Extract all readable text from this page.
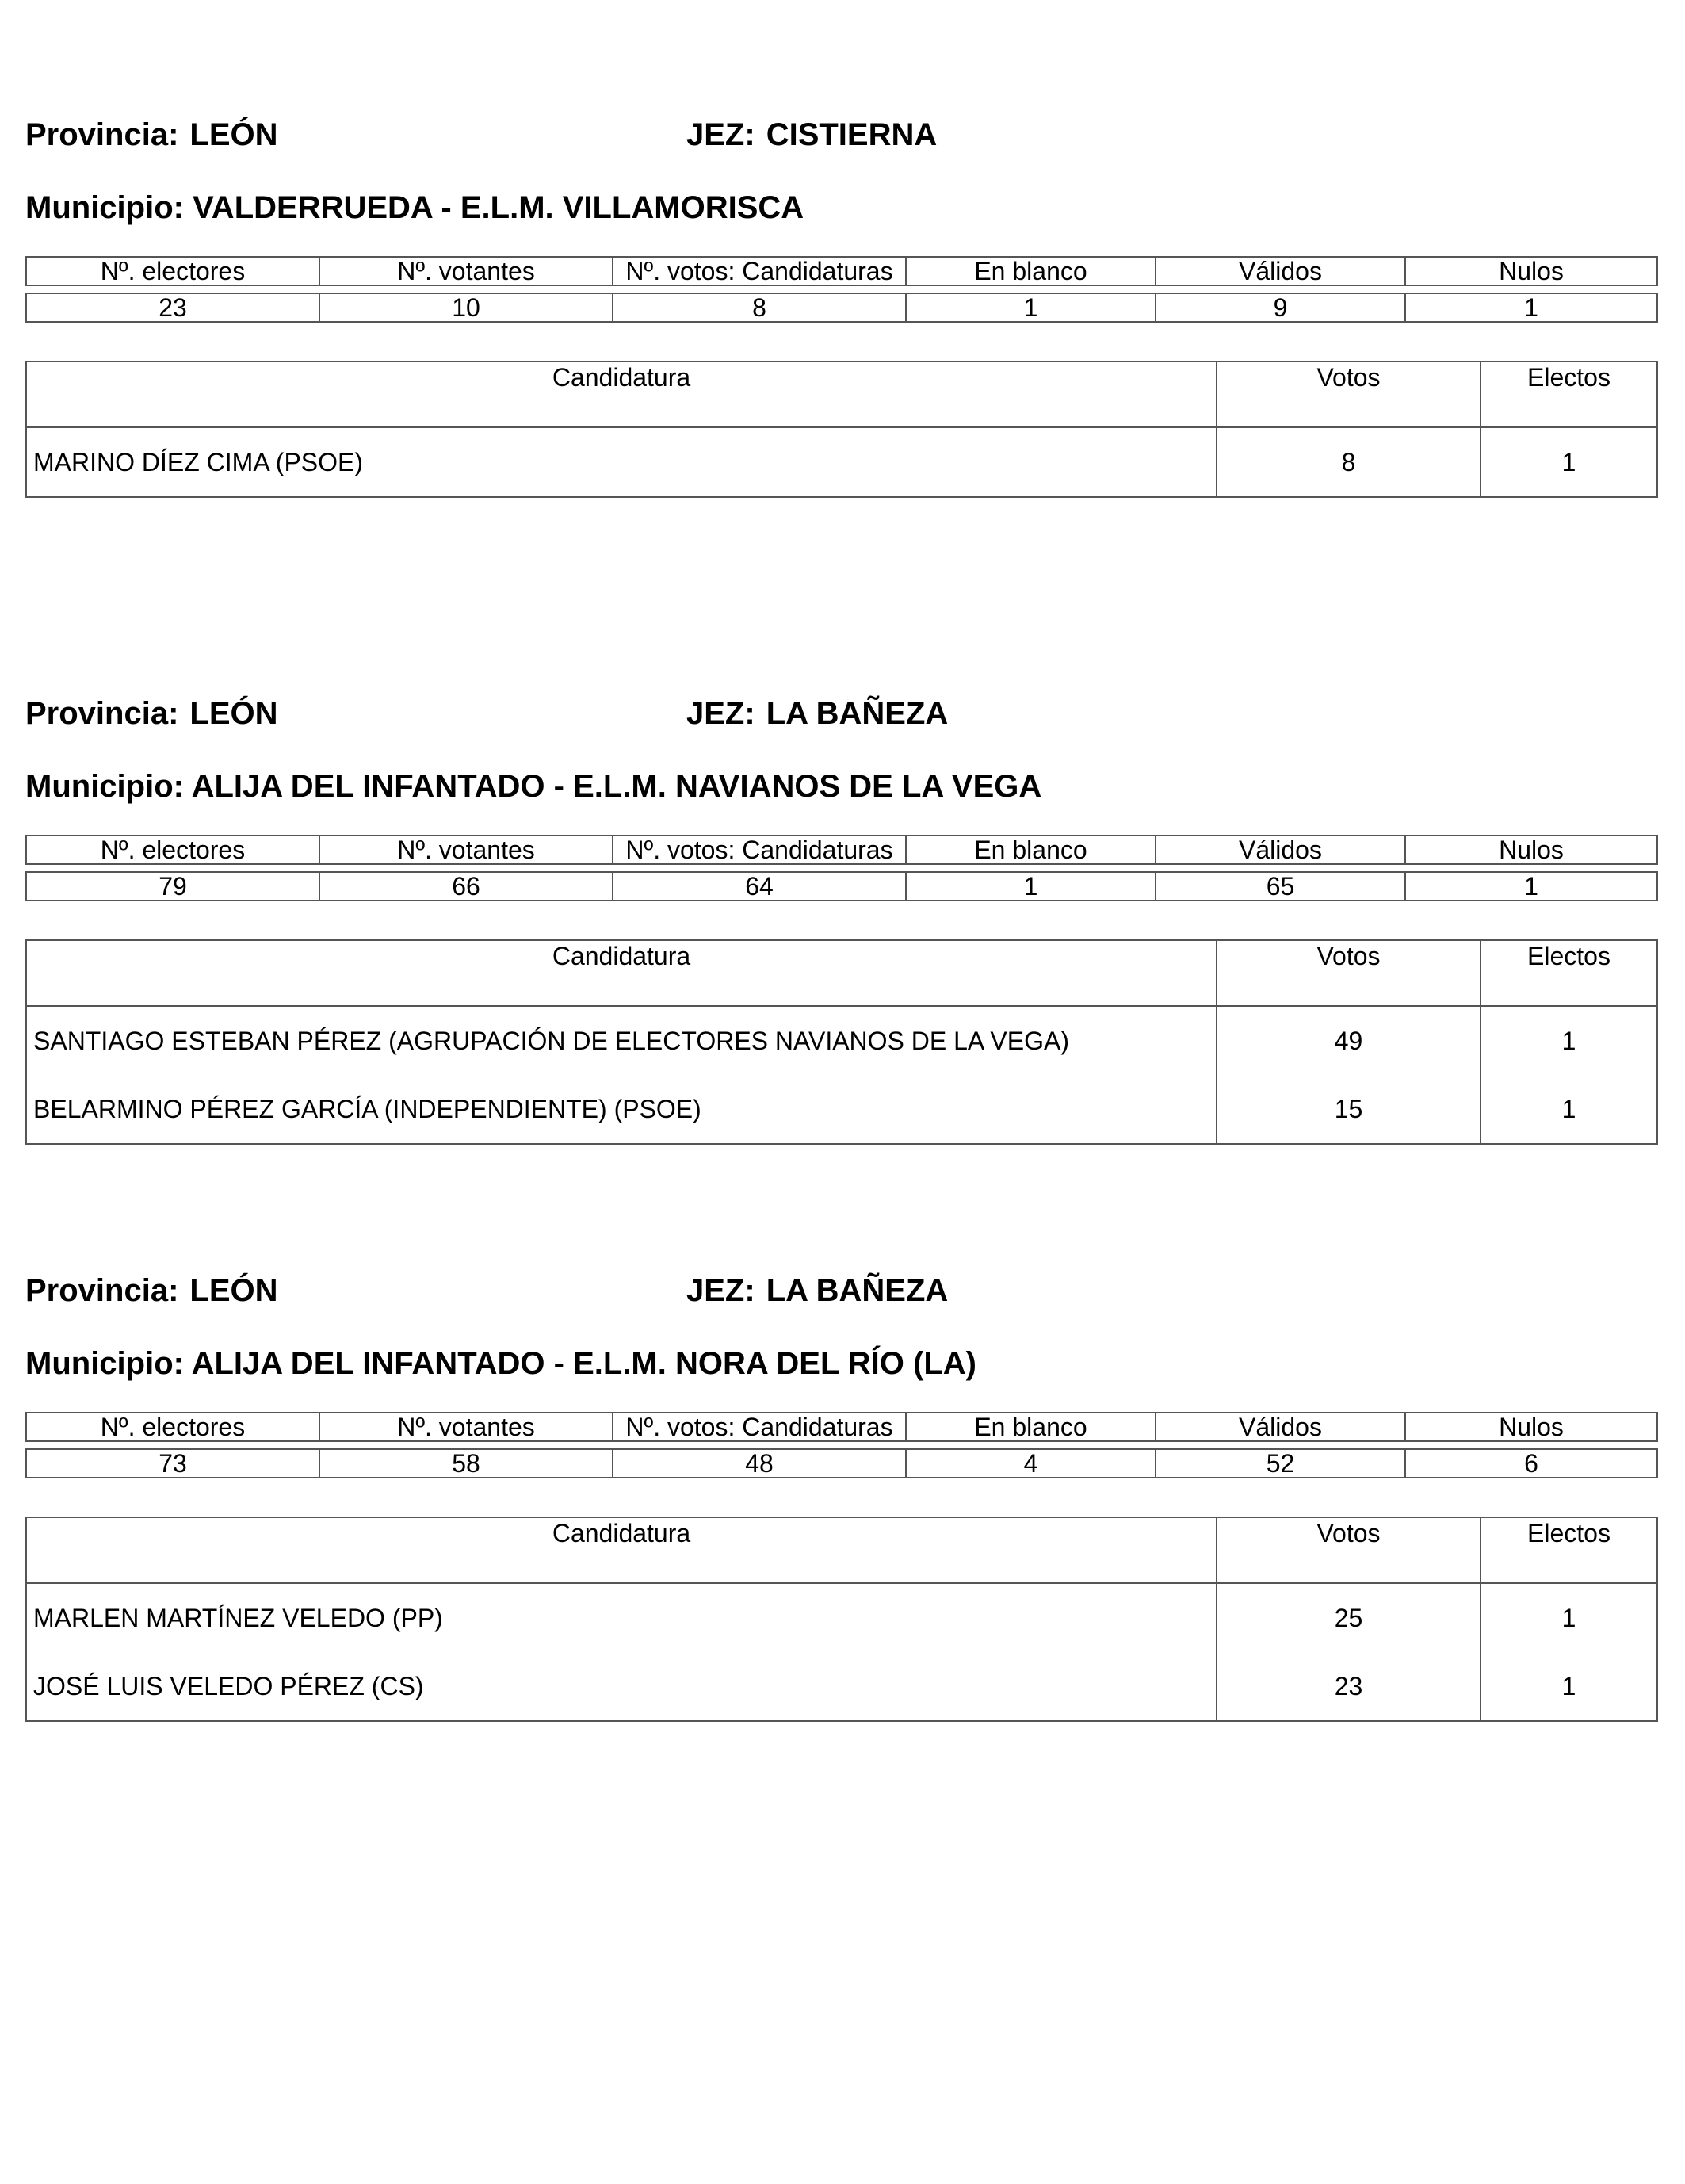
Provincia: LEÓN	JEZ: CISTIERNA
Municipio: VALDERRUEDA - E.L.M. VILLAMORISCA
Nº. electores	Nº. votantes	Nº. votos: Candidaturas	En blanco	Válidos	Nulos

23	10	8	1	9	1
Candidatura	Votos	Electos
MARINO DÍEZ CIMA (PSOE)	8	1
Provincia: LEÓN	JEZ: LA BAÑEZA
Municipio: ALIJA DEL INFANTADO - E.L.M. NAVIANOS DE LA VEGA
Nº. electores	Nº. votantes	Nº. votos: Candidaturas	En blanco	Válidos	Nulos

79	66	64	1	65	1
Candidatura	Votos	Electos
SANTIAGO ESTEBAN PÉREZ (AGRUPACIÓN DE ELECTORES NAVIANOS DE LA VEGA)	49	1
BELARMINO PÉREZ GARCÍA (INDEPENDIENTE) (PSOE)	15	1
Provincia: LEÓN	JEZ: LA BAÑEZA
Municipio: ALIJA DEL INFANTADO - E.L.M. NORA DEL RÍO (LA)
Nº. electores	Nº. votantes	Nº. votos: Candidaturas	En blanco	Válidos	Nulos

73	58	48	4	52	6
Candidatura	Votos	Electos
MARLEN MARTÍNEZ VELEDO (PP)	25	1
JOSÉ LUIS VELEDO PÉREZ (CS)	23	1
